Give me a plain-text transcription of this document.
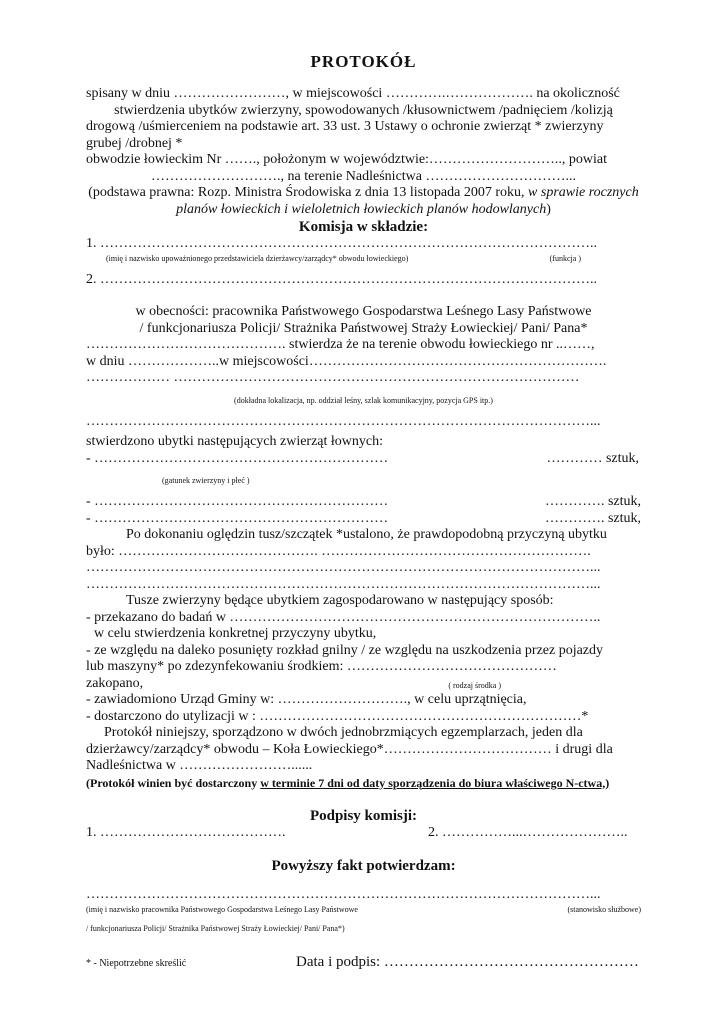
PROTOKÓŁ

spisany w dniu ……………………, w miejscowości ………….………………. na okoliczność

stwierdzenia ubytków zwierzyny, spowodowanych /kłusownictwem /padnięciem /kolizją

drogową /uśmierceniem na podstawie art. 33 ust. 3 Ustawy o ochronie zwierząt * zwierzyny

grubej /drobnej *

obwodzie łowieckim Nr ……., położonym w województwie:……………………….., powiat

………………………., na terenie Nadleśnictwa …………………………...

(podstawa prawna: Rozp. Ministra Środowiska z dnia 13 listopada 2007 roku, w sprawie rocznych

planów łowieckich i wieloletnich łowieckich planów hodowlanych)

Komisja w składzie:

1. ……………………………………………………………………………………………..

(imię i nazwisko upoważnionego przedstawiciela dzierżawcy/zarządcy* obwodu łowieckiego)	(funkcja )

2. ……………………………………………………………………………………………..

w obecności: pracownika Państwowego Gospodarstwa Leśnego Lasy Państwowe

/ funkcjonariusza Policji/ Strażnika Państwowej Straży Łowieckiej/ Pani/ Pana*

……………………………………. stwierdza że na terenie obwodu łowieckiego nr ..……,

w dniu ………………..w miejscowości……………………………………………………….

……………… ……………………………………………………………………………

(dokładna lokalizacja, np. oddział leśny, szlak komunikacyjny, pozycja GPS itp.)

………………………………………………………………………………………………...

stwierdzono ubytki następujących zwierząt łownych:

- ………………………………………………………	………… sztuk,

(gatunek zwierzyny i płeć )

- ………………………………………………………	…………. sztuk,
- ………………………………………………………	…………. sztuk,

Po dokonaniu oględzin tusz/szczątek *ustalono, że prawdopodobną przyczyną ubytku

było: ……………………………………. ………………………………………………….

………………………………………………………………………………………………...

………………………………………………………………………………………………...

Tusze zwierzyny będące ubytkiem zagospodarowano w następujący sposób:

- przekazano do badań w ……………………………………………………………………..

w celu stwierdzenia konkretnej przyczyny ubytku,

- ze względu na daleko posunięty rozkład gnilny / ze względu na uszkodzenia przez pojazdy

lub maszyny* po zdezynfekowaniu środkiem: ………………………………………

zakopano,	( rodzaj środka )

- zawiadomiono Urząd Gminy w: ………………………., w celu uprzątnięcia,

- dostarczono do utylizacji w : ……………………………………………………………*

Protokół niniejszy, sporządzono w dwóch jednobrzmiących egzemplarzach, jeden dla

dzierżawcy/zarządcy* obwodu – Koła Łowieckiego*……………………………… i drugi dla

Nadleśnictwa w ……………………......

(Protokół winien być dostarczony w terminie 7 dni od daty sporządzenia do biura właściwego N-ctwa,)

Podpisy komisji:

1. ………………………………….	2. ……………...…………………..

Powyższy fakt potwierdzam:

………………………………………………………………………………………………...

(imię i nazwisko pracownika Państwowego Gospodarstwa Leśnego Lasy Państwowe	(stanowisko służbowe)

/ funkcjonariusza Policji/ Strażnika Państwowej Straży Łowieckiej/ Pani/ Pana*)

* - Niepotrzebne skreślić	Data i podpis: ……………………………………………
